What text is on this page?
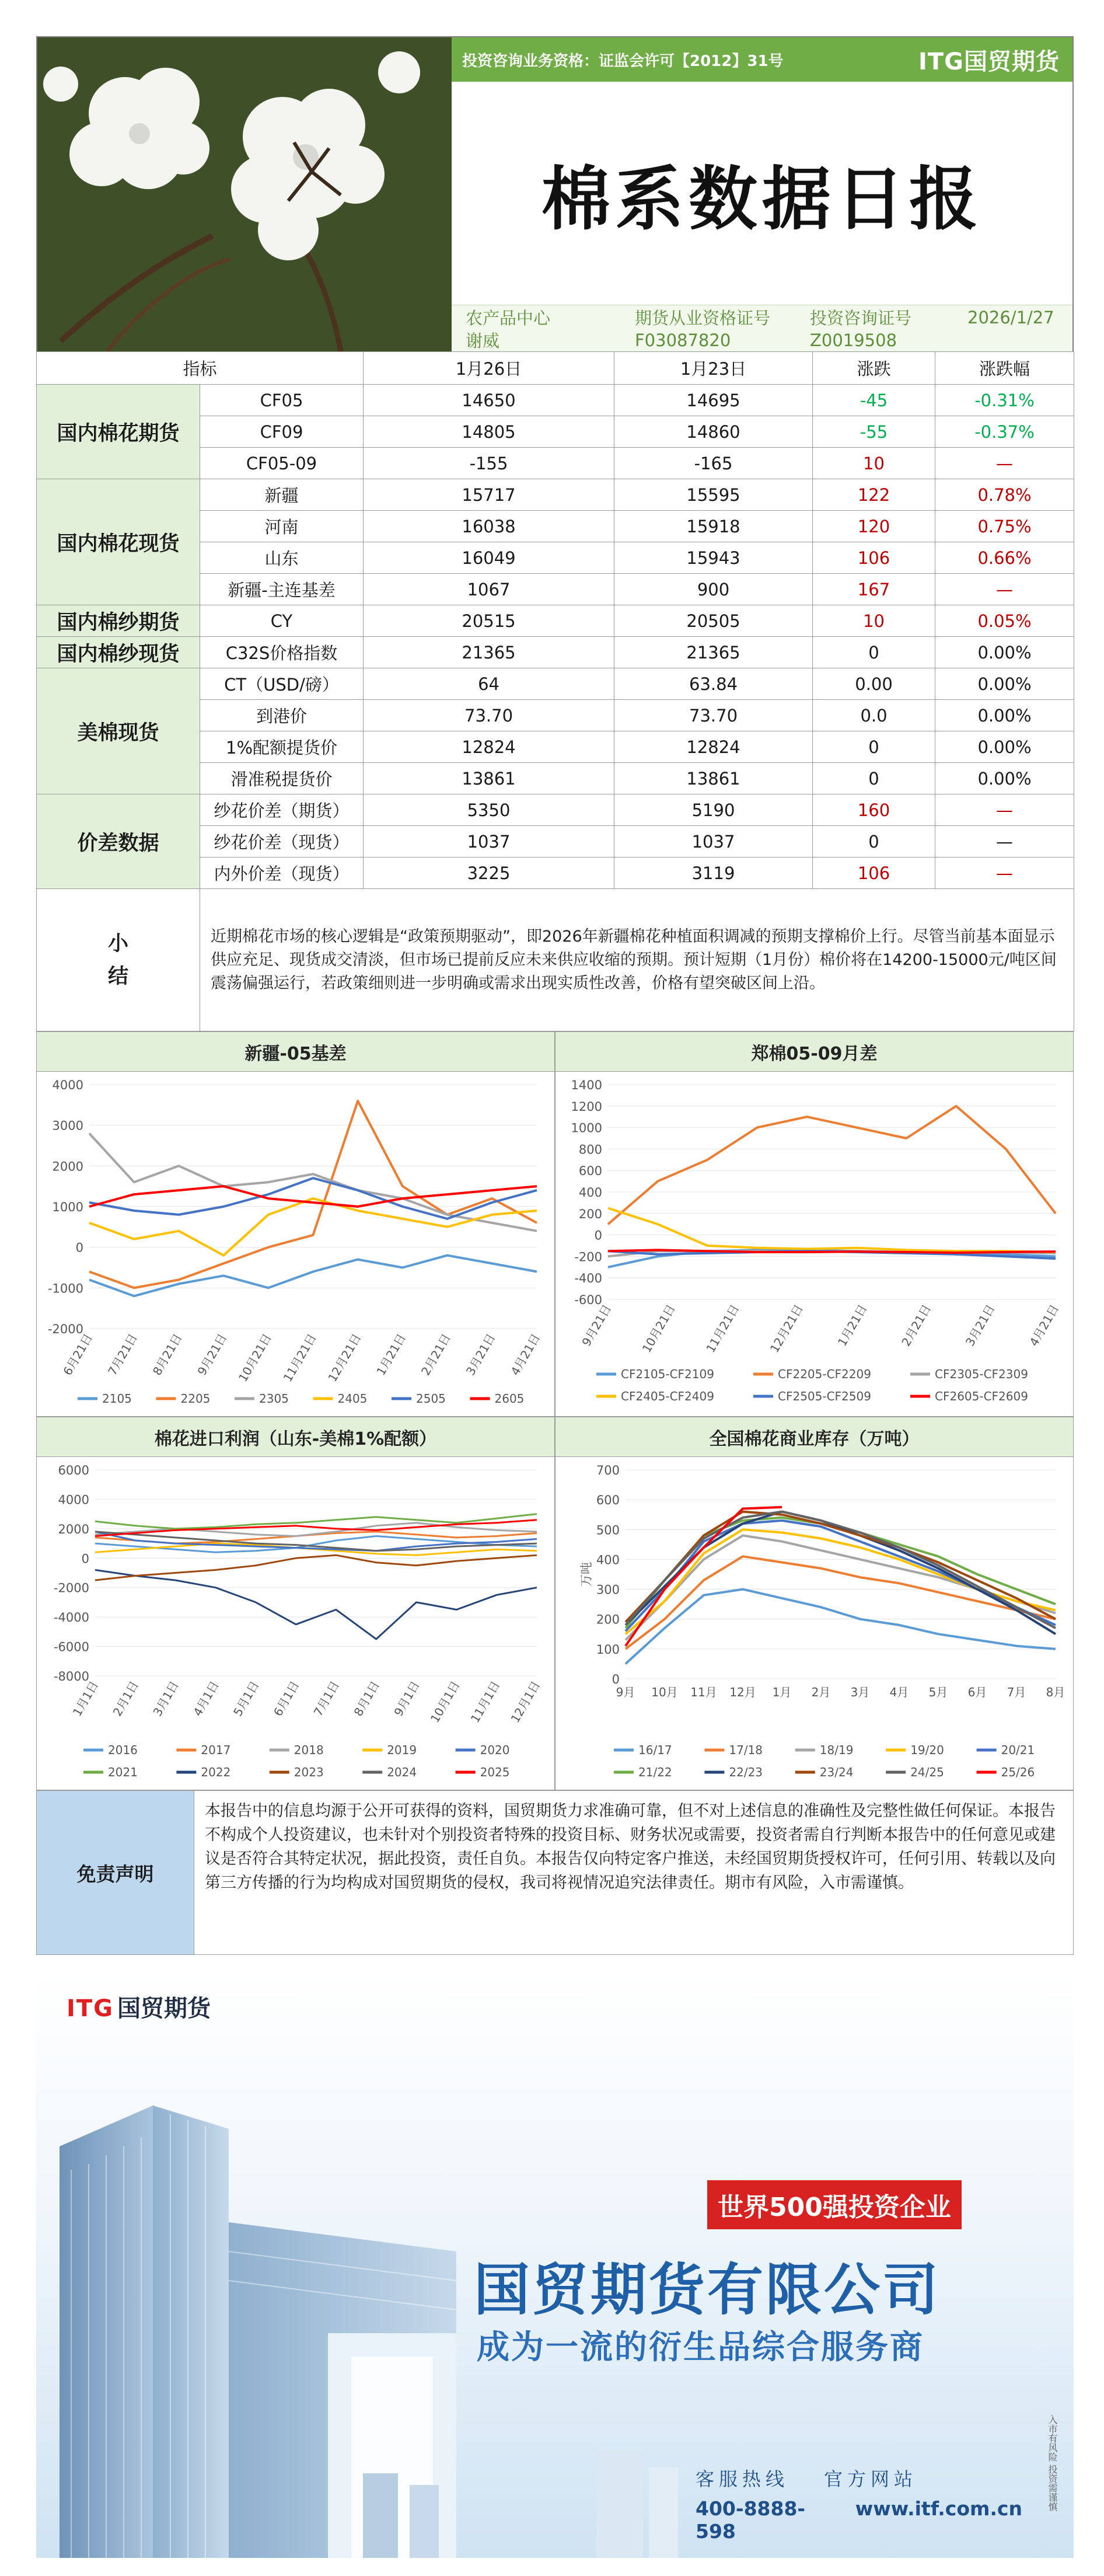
投资咨询业务资格：证监会许可【2012】31号	ITG国贸期货
棉系数据日报
农产品中心	期货从业资格证号	投资咨询证号	2026/1/27
谢威	F03087820	Z0019508
指标		1月26日	1月23日	涨跌	涨跌幅
国内棉花期货	CF05	14650	14695	-45	-0.31%
	CF09	14805	14860	-55	-0.37%
	CF05-09	-155	-165	10	—
国内棉花现货	新疆	15717	15595	122	0.78%
	河南	16038	15918	120	0.75%
	山东	16049	15943	106	0.66%
	新疆-主连基差	1067	900	167	—
国内棉纱期货	CY	20515	20505	10	0.05%
国内棉纱现货	C32S价格指数	21365	21365	0	0.00%
美棉现货	CT（USD/磅）	64	63.84	0.00	0.00%
	到港价	73.70	73.70	0.0	0.00%
	1%配额提货价	12824	12824	0	0.00%
	滑准税提货价	13861	13861	0	0.00%
价差数据	纱花价差（期货）	5350	5190	160	—
	纱花价差（现货）	1037	1037	0	—
	内外价差（现货）	3225	3119	106	—
小
结	近期棉花市场的核心逻辑是“政策预期驱动”，即2026年新疆棉花种植面积调减的预期支撑棉价上行。尽管当前基本面显示供应充足、现货成交清淡，但市场已提前反应未来供应收缩的预期。预计短期（1月份）棉价将在14200-15000元/吨区间震荡偏强运行，若政策细则进一步明确或需求出现实质性改善，价格有望突破区间上沿。				
新疆-05基差
-2000
-1000
0
1000
2000
3000
4000
6月21日 7月21日 8月21日 9月21日 10月21日 11月21日 12月21日 1月21日 2月21日 3月21日 4月21日
2105	2205	2305	2405	2505	2605
郑棉05-09月差
-600
-400
-200
0
200
400
600
800
1000
1200
1400
9月21日 10月21日 11月21日 12月21日 1月21日 2月21日 3月21日 4月21日
CF2105-CF2109	CF2205-CF2209	CF2305-CF2309
CF2405-CF2409	CF2505-CF2509	CF2605-CF2609
棉花进口利润（山东-美棉1%配额）
-8000
-6000
-4000
-2000
0
2000
4000
6000
1月1日 2月1日 3月1日 4月1日 5月1日 6月1日 7月1日 8月1日 9月1日 10月1日 11月1日 12月1日
2016	2017	2018	2019	2020
2021	2022	2023	2024	2025
全国棉花商业库存（万吨）
0
100
200
300
400
500
600
700
9月 10月 11月 12月 1月 2月 3月 4月 5月 6月 7月 8月
万吨
16/17	17/18	18/19	19/20	20/21
21/22	22/23	23/24	24/25	25/26
免责声明
本报告中的信息均源于公开可获得的资料，国贸期货力求准确可靠，但不对上述信息的准确性及完整性做任何保证。本报告不构成个人投资建议，也未针对个别投资者特殊的投资目标、财务状况或需要，投资者需自行判断本报告中的任何意见或建议是否符合其特定状况，据此投资，责任自负。本报告仅向特定客户推送，未经国贸期货授权许可，任何引用、转载以及向第三方传播的行为均构成对国贸期货的侵权，我司将视情况追究法律责任。期市有风险，入市需谨慎。
ITG 国贸期货
世界500强投资企业
国贸期货有限公司
成为一流的衍生品综合服务商
客服热线 官方网站
400-8888-598
www.itf.com.cn	入市有风险 投资需谨慎
